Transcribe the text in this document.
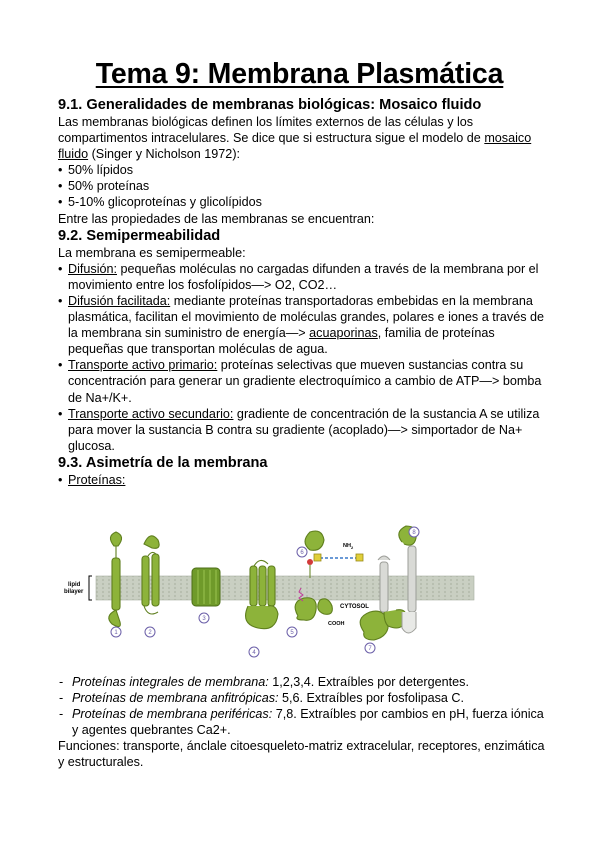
Tema 9: Membrana Plasmática
9.1. Generalidades de membranas biológicas: Mosaico fluido

Las membranas biológicas definen los límites externos de las células y los compartimentos intracelulares. Se dice que si estructura sigue el modelo de mosaico fluido (Singer y Nicholson 1972):

• 50% lípidos
• 50% proteínas
• 5-10% glicoproteínas y glicolípidos

Entre las propiedades de las membranas se encuentran:

9.2. Semipermeabilidad

La membrana es semipermeable:

• Difusión: pequeñas moléculas no cargadas difunden a través de la membrana por el movimiento entre los fosfolípidos—> O2, CO2…
• Difusión facilitada: mediante proteínas transportadoras embebidas en la membrana plasmática, facilitan el movimiento de moléculas grandes, polares e iones a través de la membrana sin suministro de energía—> acuaporinas, familia de proteínas pequeñas que transportan moléculas de agua.
• Transporte activo primario: proteínas selectivas que mueven sustancias contra su concentración para generar un gradiente electroquímico a cambio de ATP—> bomba de Na+/K+.
• Transporte activo secundario: gradiente de concentración de la sustancia A se utiliza para mover la sustancia B contra su gradiente (acoplado)—> simportador de Na+ glucosa.
9.3. Asimetría de la membrana
• Proteínas:
lipid
bilayer
$NH_2$
COOH
CYTOSOL
1	2
3
4
5
6
7
8
- Proteínas integrales de membrana: 1,2,3,4. Extraíbles por detergentes.
- Proteínas de membrana anfitrópicas: 5,6. Extraíbles por fosfolipasa C.
- Proteínas de membrana periféricas: 7,8. Extraíbles por cambios en pH, fuerza iónica y agentes quebrantes Ca2+.

Funciones: transporte, ánclale citoesqueleto-matriz extracelular, receptores, enzimática y estructurales.
